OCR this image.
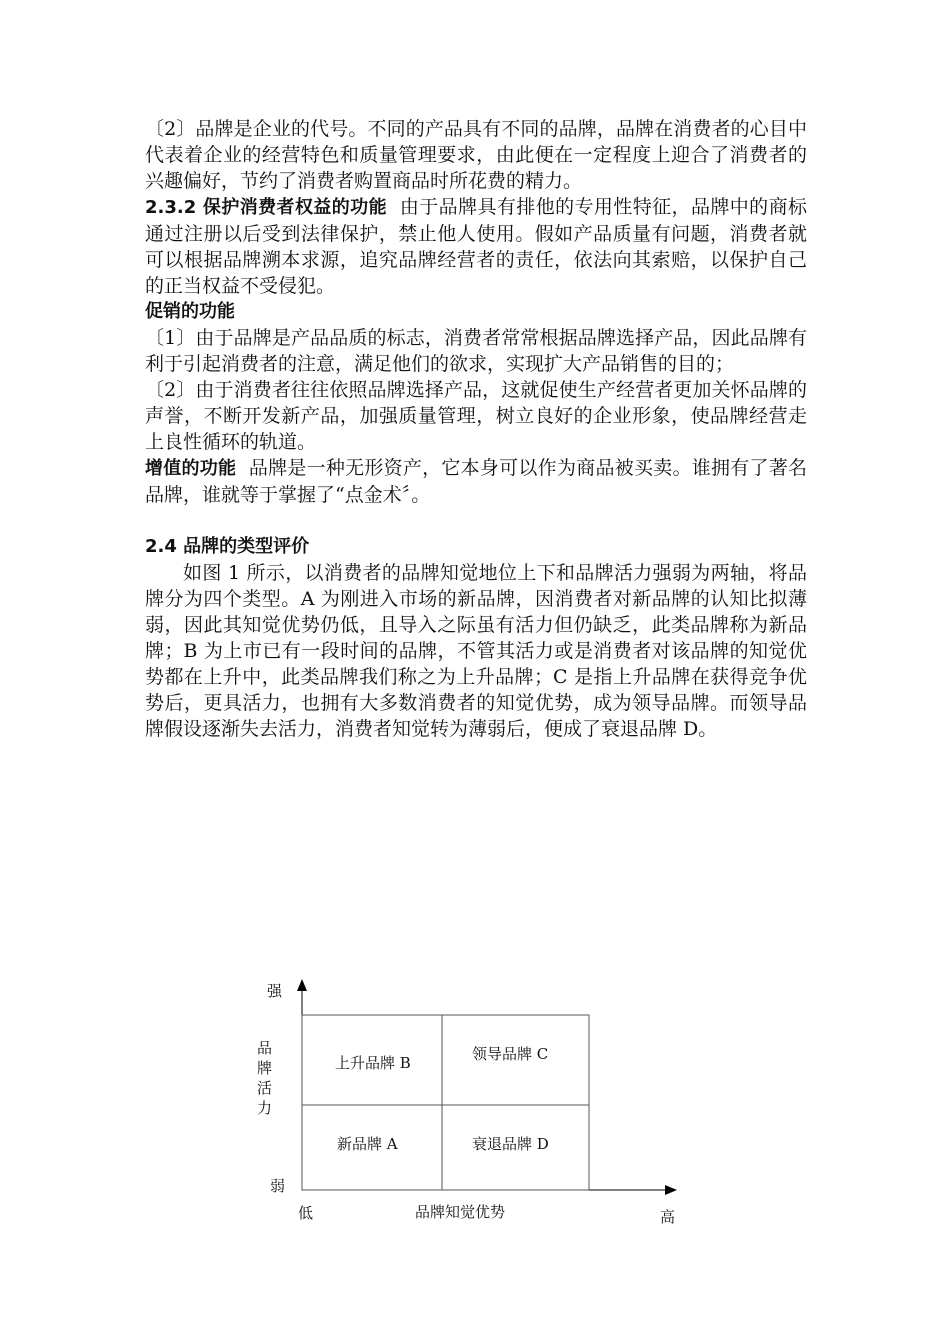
〔2〕品牌是企业的代号。不同的产品具有不同的品牌，品牌在消费者的心目中代表着企业的经营特色和质量管理要求，由此便在一定程度上迎合了消费者的兴趣偏好，节约了消费者购置商品时所花费的精力。

2.3.2 保护消费者权益的功能 由于品牌具有排他的专用性特征，品牌中的商标通过注册以后受到法律保护，禁止他人使用。假如产品质量有问题，消费者就可以根据品牌溯本求源，追究品牌经营者的责任，依法向其索赔，以保护自己的正当权益不受侵犯。

促销的功能

〔1〕由于品牌是产品品质的标志，消费者常常根据品牌选择产品，因此品牌有利于引起消费者的注意，满足他们的欲求，实现扩大产品销售的目的；

〔2〕由于消费者往往依照品牌选择产品，这就促使生产经营者更加关怀品牌的声誉，不断开发新产品，加强质量管理，树立良好的企业形象，使品牌经营走上良性循环的轨道。

增值的功能 品牌是一种无形资产，它本身可以作为商品被买卖。谁拥有了著名品牌，谁就等于掌握了“点金术〞。

2.4 品牌的类型评价

如图 1 所示，以消费者的品牌知觉地位上下和品牌活力强弱为两轴，将品牌分为四个类型。A 为刚进入市场的新品牌，因消费者对新品牌的认知比拟薄弱，因此其知觉优势仍低，且导入之际虽有活力但仍缺乏，此类品牌称为新品牌；B 为上市已有一段时间的品牌，不管其活力或是消费者对该品牌的知觉优势都在上升中，此类品牌我们称之为上升品牌；C 是指上升品牌在获得竞争优势后，更具活力，也拥有大多数消费者的知觉优势，成为领导品牌。而领导品牌假设逐渐失去活力，消费者知觉转为薄弱后，便成了衰退品牌 D。

上升品牌 B	领导品牌 C
新品牌 A	衰退品牌 D
强
弱
品
牌
活
力
低	品牌知觉优势	高
